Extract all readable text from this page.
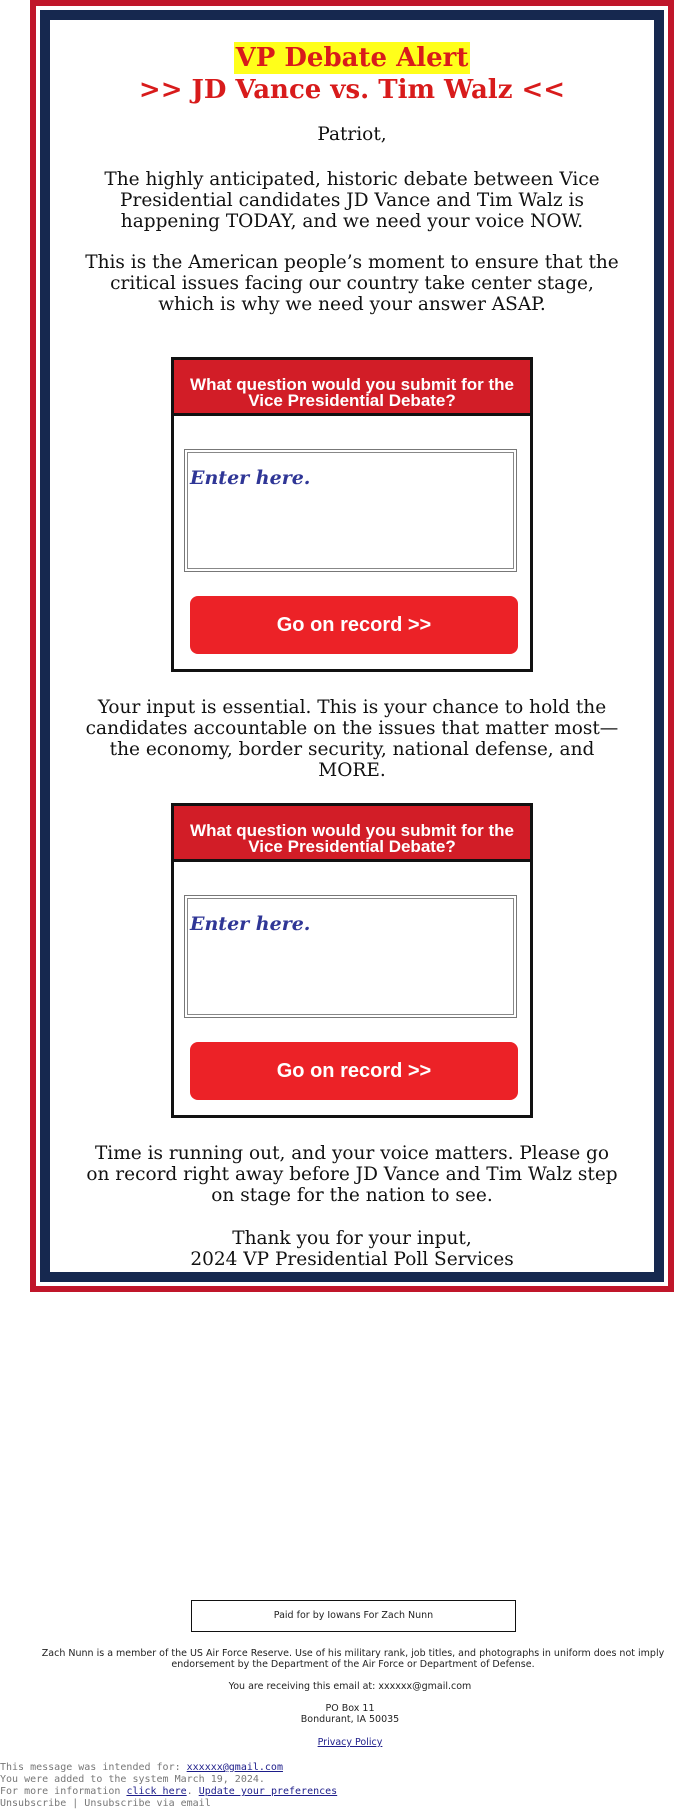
VP Debate Alert
>> JD Vance vs. Tim Walz <<

Patriot,

The highly anticipated, historic debate between Vice Presidential candidates JD Vance and Tim Walz is happening TODAY, and we need your voice NOW.

This is the American people’s moment to ensure that the critical issues facing our country take center stage, which is why we need your answer ASAP.

What question would you submit for the Vice Presidential Debate?
Enter here.
Go on record >>

Your input is essential. This is your chance to hold the candidates accountable on the issues that matter most—the economy, border security, national defense, and MORE.

What question would you submit for the Vice Presidential Debate?
Enter here.
Go on record >>

Time is running out, and your voice matters. Please go on record right away before JD Vance and Tim Walz step on stage for the nation to see.

Thank you for your input,

2024 VP Presidential Poll Services

Paid for by Iowans For Zach Nunn
Zach Nunn is a member of the US Air Force Reserve. Use of his military rank, job titles, and photographs in uniform does not imply endorsement by the Department of the Air Force or Department of Defense.
You are receiving this email at: xxxxxx@gmail.com
PO Box 11
Bondurant, IA 50035
Privacy Policy
This message was intended for: xxxxxx@gmail.com
You were added to the system March 19, 2024.
For more information click here. Update your preferences
Unsubscribe | Unsubscribe via email
